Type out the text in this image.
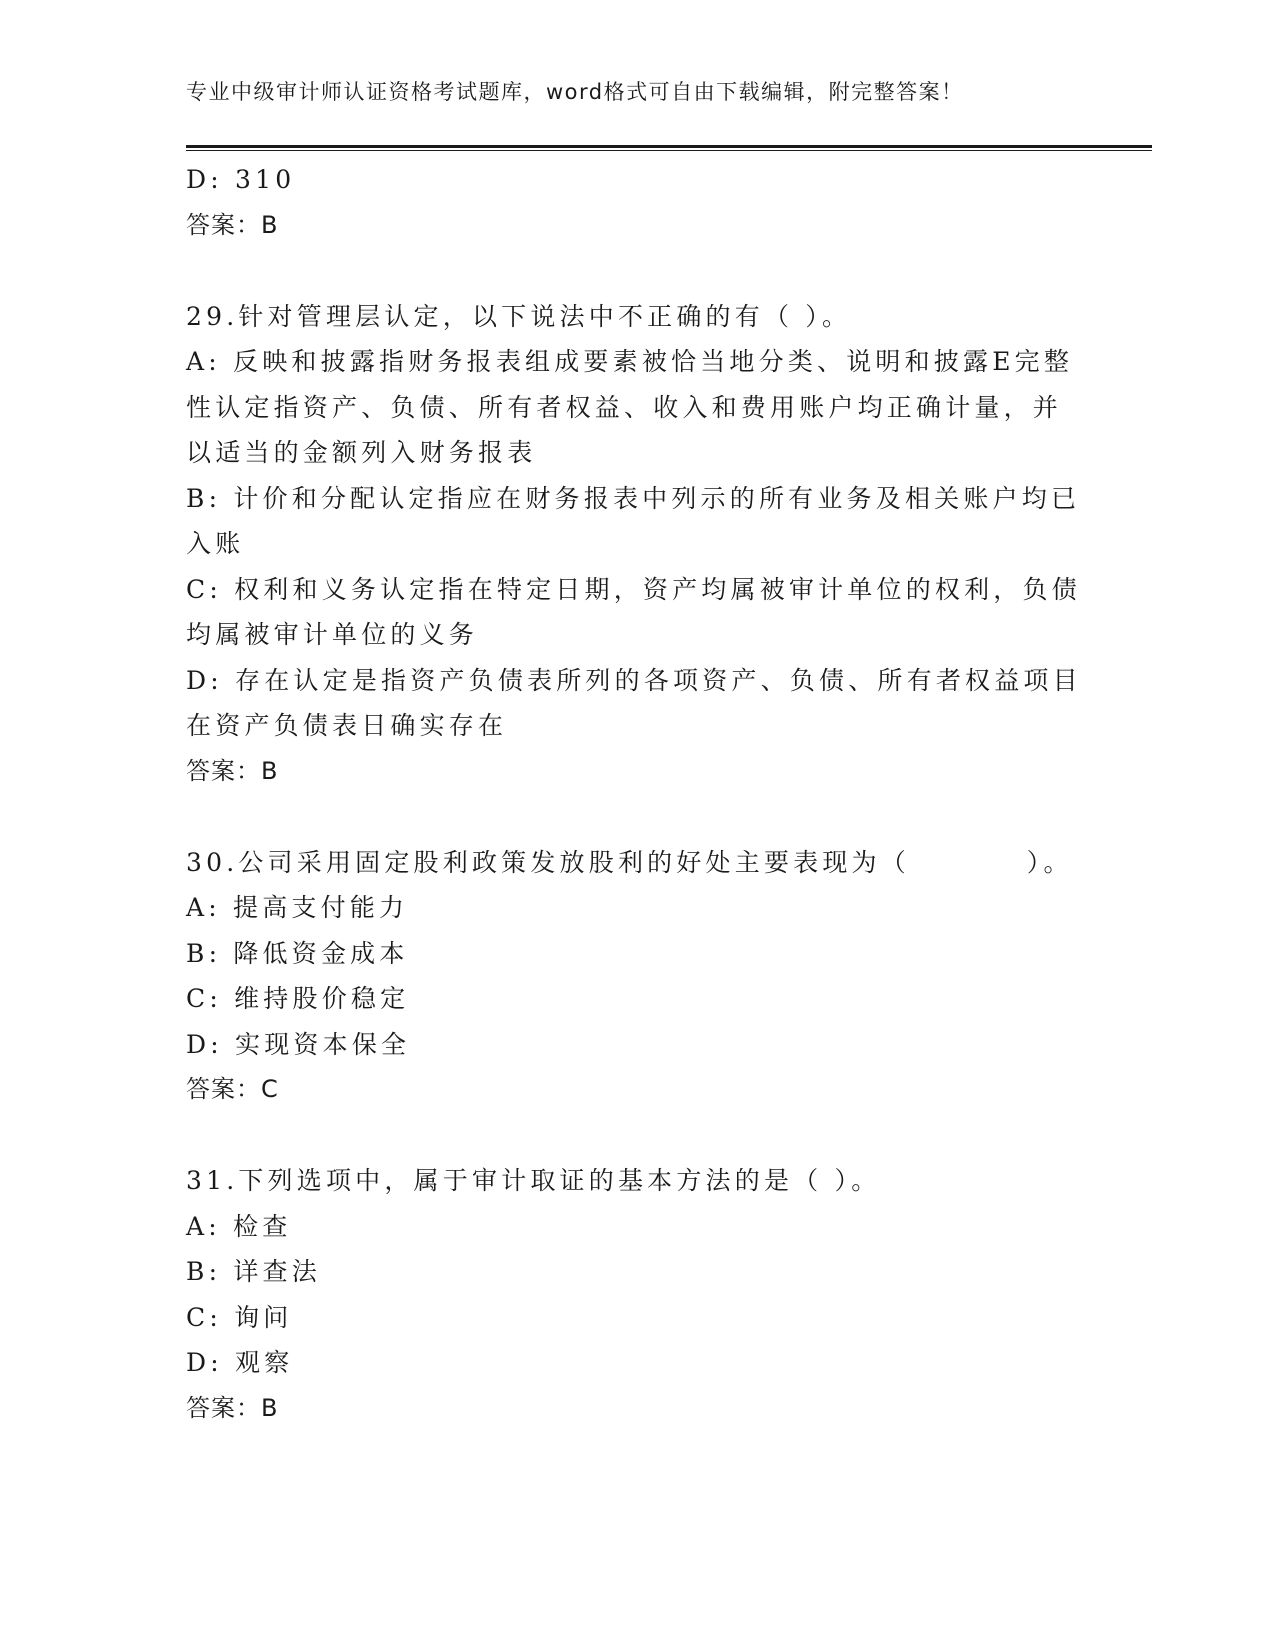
专业中级审计师认证资格考试题库，word格式可自由下载编辑，附完整答案！

D: 310

答案：B

29.针对管理层认定，以下说法中不正确的有（ ）。

A: 反映和披露指财务报表组成要素被恰当地分类、说明和披露E完整性认定指资产、负债、所有者权益、收入和费用账户均正确计量，并以适当的金额列入财务报表

B: 计价和分配认定指应在财务报表中列示的所有业务及相关账户均已入账

C: 权利和义务认定指在特定日期，资产均属被审计单位的权利，负债均属被审计单位的义务

D: 存在认定是指资产负债表所列的各项资产、负债、所有者权益项目在资产负债表日确实存在

答案：B

30.公司采用固定股利政策发放股利的好处主要表现为（　　　　）。

A: 提高支付能力

B: 降低资金成本

C: 维持股价稳定

D: 实现资本保全

答案：C

31.下列选项中，属于审计取证的基本方法的是（ ）。

A: 检查

B: 详查法

C: 询问

D: 观察

答案：B
